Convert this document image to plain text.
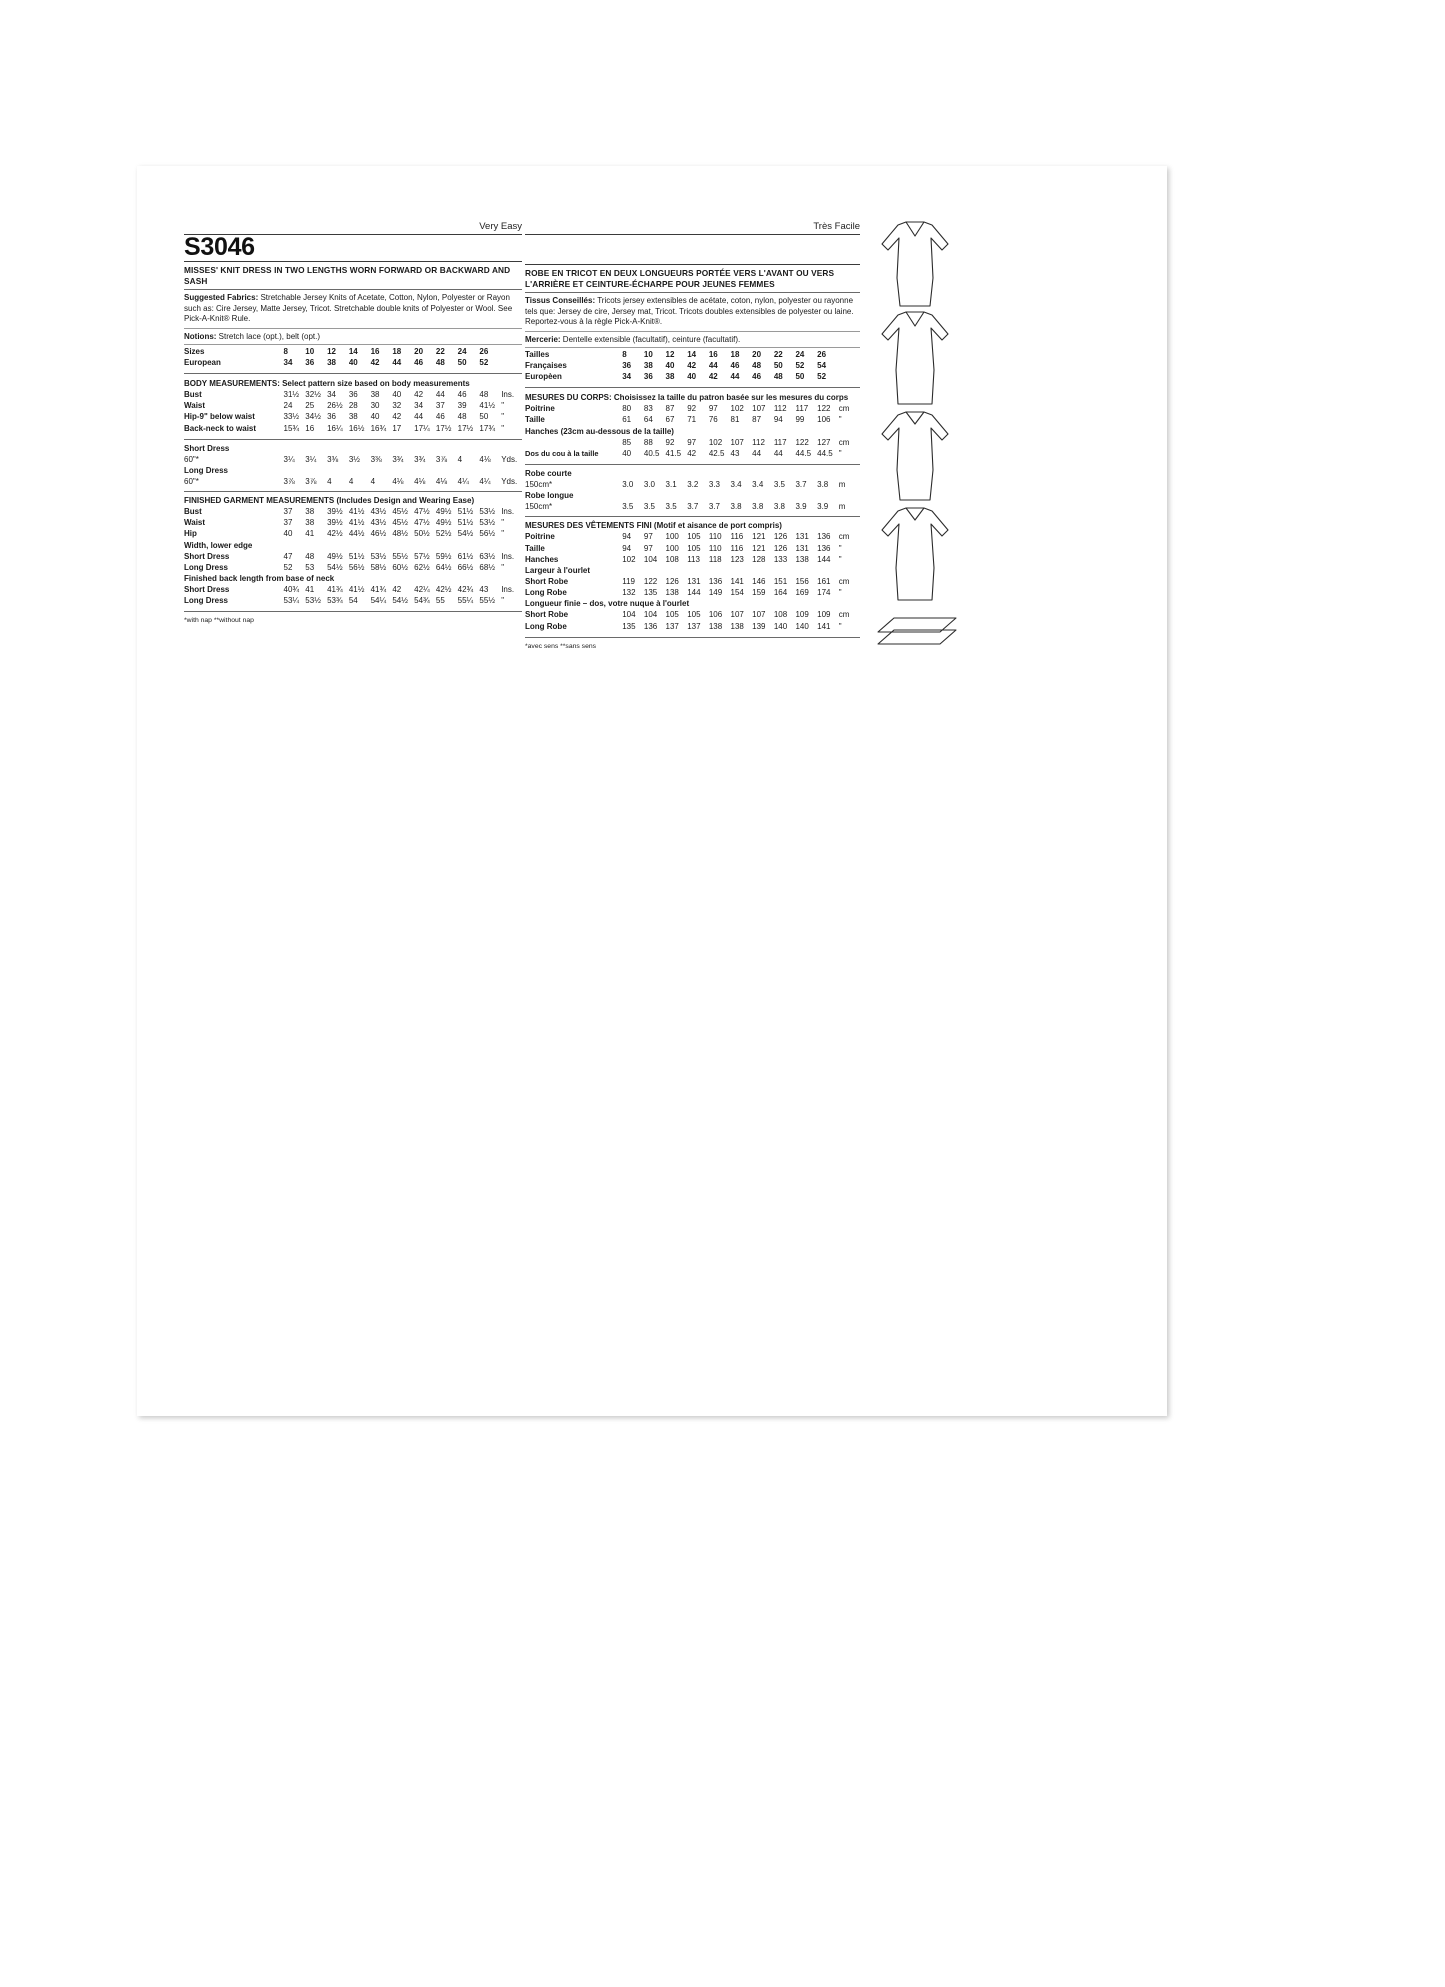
Very Easy
S3046
MISSES' KNIT DRESS IN TWO LENGTHS WORN FORWARD OR BACKWARD AND SASH
Suggested Fabrics: Stretchable Jersey Knits of Acetate, Cotton, Nylon, Polyester or Rayon such as: Cire Jersey, Matte Jersey, Tricot. Stretchable double knits of Polyester or Wool. See Pick-A-Knit® Rule.
Notions: Stretch lace (opt.), belt (opt.)
Sizes	8	10	12	14	16	18	20	22	24	26	
European	34	36	38	40	42	44	46	48	50	52	
BODY MEASUREMENTS: Select pattern size based on body measurements
Bust	31½	32½	34	36	38	40	42	44	46	48	Ins.
Waist	24	25	26½	28	30	32	34	37	39	41½	"
Hip-9" below waist	33½	34½	36	38	40	42	44	46	48	50	"
Back-neck to waist	15¾	16	16¼	16½	16¾	17	17¼	17½	17½	17¾	"
Short Dress
60"*	3¼	3¼	3⅜	3½	3⅜	3¾	3¾	3⅞	4	4⅛	Yds.
Long Dress
60"*	3⅞	3⅞	4	4	4	4⅛	4⅛	4⅛	4¼	4¼	Yds.
FINISHED GARMENT MEASUREMENTS (Includes Design and Wearing Ease)
Bust	37	38	39½	41½	43½	45½	47½	49½	51½	53½	Ins.
Waist	37	38	39½	41½	43½	45½	47½	49½	51½	53½	"
Hip	40	41	42½	44½	46½	48½	50½	52½	54½	56½	"
Width, lower edge
Short Dress	47	48	49½	51½	53½	55½	57½	59½	61½	63½	Ins.
Long Dress	52	53	54½	56½	58½	60½	62½	64½	66½	68½	"
Finished back length from base of neck
Short Dress	40¾	41	41¾	41½	41¾	42	42¼	42½	42¾	43	Ins.
Long Dress	53¼	53½	53¾	54	54¼	54½	54¾	55	55¼	55½	"
*with nap **without nap
Très Facile
ROBE EN TRICOT EN DEUX LONGUEURS PORTÉE VERS L'AVANT OU VERS L'ARRIÈRE ET CEINTURE-ÉCHARPE POUR JEUNES FEMMES
Tissus Conseillés: Tricots jersey extensibles de acétate, coton, nylon, polyester ou rayonne tels que: Jersey de cire, Jersey mat, Tricot. Tricots doubles extensibles de polyester ou laine. Reportez-vous à la règle Pick-A-Knit®.
Mercerie: Dentelle extensible (facultatif), ceinture (facultatif).
Tailles	8	10	12	14	16	18	20	22	24	26	
Françaises	36	38	40	42	44	46	48	50	52	54	
Europèen	34	36	38	40	42	44	46	48	50	52	
MESURES DU CORPS: Choisissez la taille du patron basée sur les mesures du corps
Poitrine	80	83	87	92	97	102	107	112	117	122	cm
Taille	61	64	67	71	76	81	87	94	99	106	"
Hanches (23cm au-dessous de la taille)											
	85	88	92	97	102	107	112	117	122	127	cm
Dos du cou à la taille	40	40.5	41.5	42	42.5	43	44	44	44.5	44.5	"
Robe courte
150cm*	3.0	3.0	3.1	3.2	3.3	3.4	3.4	3.5	3.7	3.8	m
Robe longue
150cm*	3.5	3.5	3.5	3.7	3.7	3.8	3.8	3.8	3.9	3.9	m
MESURES DES VÊTEMENTS FINI (Motif et aisance de port compris)
Poitrine	94	97	100	105	110	116	121	126	131	136	cm
Taille	94	97	100	105	110	116	121	126	131	136	"
Hanches	102	104	108	113	118	123	128	133	138	144	"
Largeur à l'ourlet
Short Robe	119	122	126	131	136	141	146	151	156	161	cm
Long Robe	132	135	138	144	149	154	159	164	169	174	"
Longueur finie – dos, votre nuque à l'ourlet
Short Robe	104	104	105	105	106	107	107	108	109	109	cm
Long Robe	135	136	137	137	138	138	139	140	140	141	"
*avec sens **sans sens
